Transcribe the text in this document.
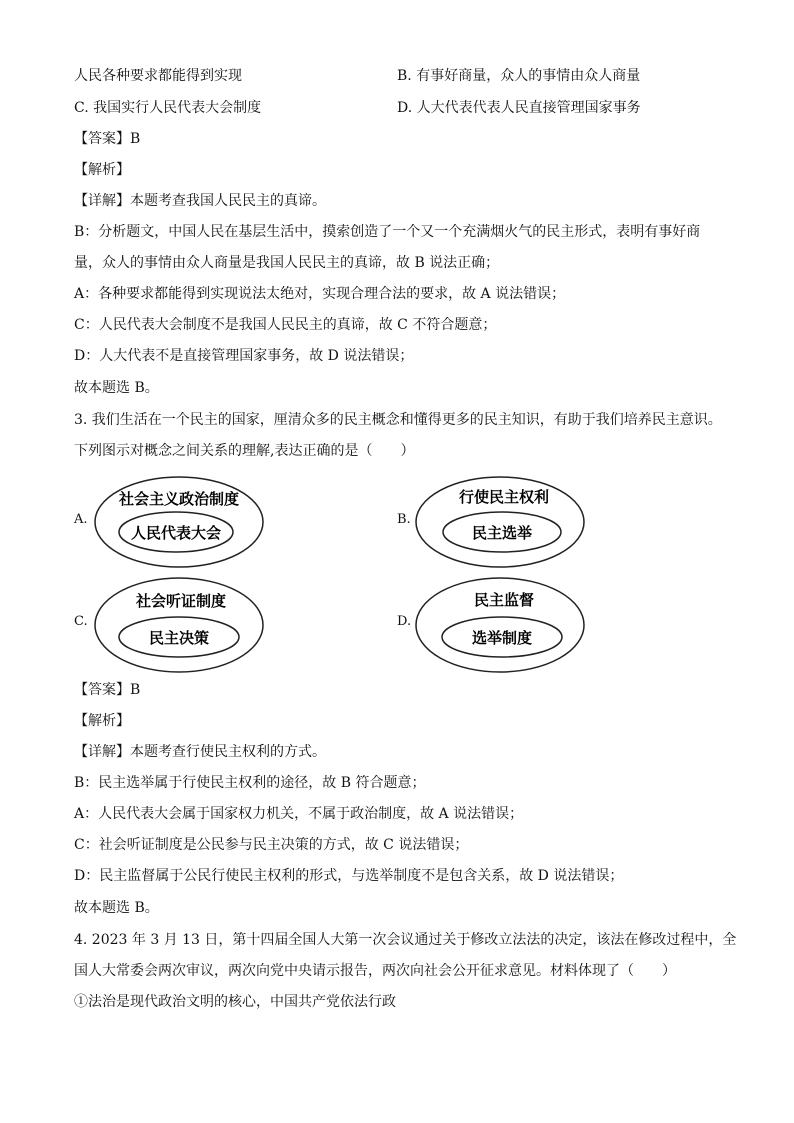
人民各种要求都能得到实现	B. 有事好商量，众人的事情由众人商量
C. 我国实行人民代表大会制度	D. 人大代表代表人民直接管理国家事务
【答案】B
【解析】
【详解】本题考查我国人民民主的真谛。
B：分析题文，中国人民在基层生活中，摸索创造了一个又一个充满烟火气的民主形式，表明有事好商
量，众人的事情由众人商量是我国人民民主的真谛，故 B 说法正确；
A：各种要求都能得到实现说法太绝对，实现合理合法的要求，故 A 说法错误；
C：人民代表大会制度不是我国人民民主的真谛，故 C 不符合题意；
D：人大代表不是直接管理国家事务，故 D 说法错误；
故本题选 B。
3. 我们生活在一个民主的国家，厘清众多的民主概念和懂得更多的民主知识，有助于我们培养民主意识。
下列图示对概念之间关系的理解,表达正确的是（　　）
A.
社会主义政治制度
人民代表大会
B.
行使民主权利
民主选举
C.
社会听证制度
民主决策
D.
民主监督
选举制度
【答案】B
【解析】
【详解】本题考查行使民主权利的方式。
B：民主选举属于行使民主权利的途径，故 B 符合题意；
A：人民代表大会属于国家权力机关，不属于政治制度，故 A 说法错误；
C：社会听证制度是公民参与民主决策的方式，故 C 说法错误；
D：民主监督属于公民行使民主权利的形式，与选举制度不是包含关系，故 D 说法错误；
故本题选 B。
4. 2023 年 3 月 13 日，第十四届全国人大第一次会议通过关于修改立法法的决定，该法在修改过程中，全
国人大常委会两次审议，两次向党中央请示报告，两次向社会公开征求意见。材料体现了（　　）
①法治是现代政治文明的核心，中国共产党依法行政
